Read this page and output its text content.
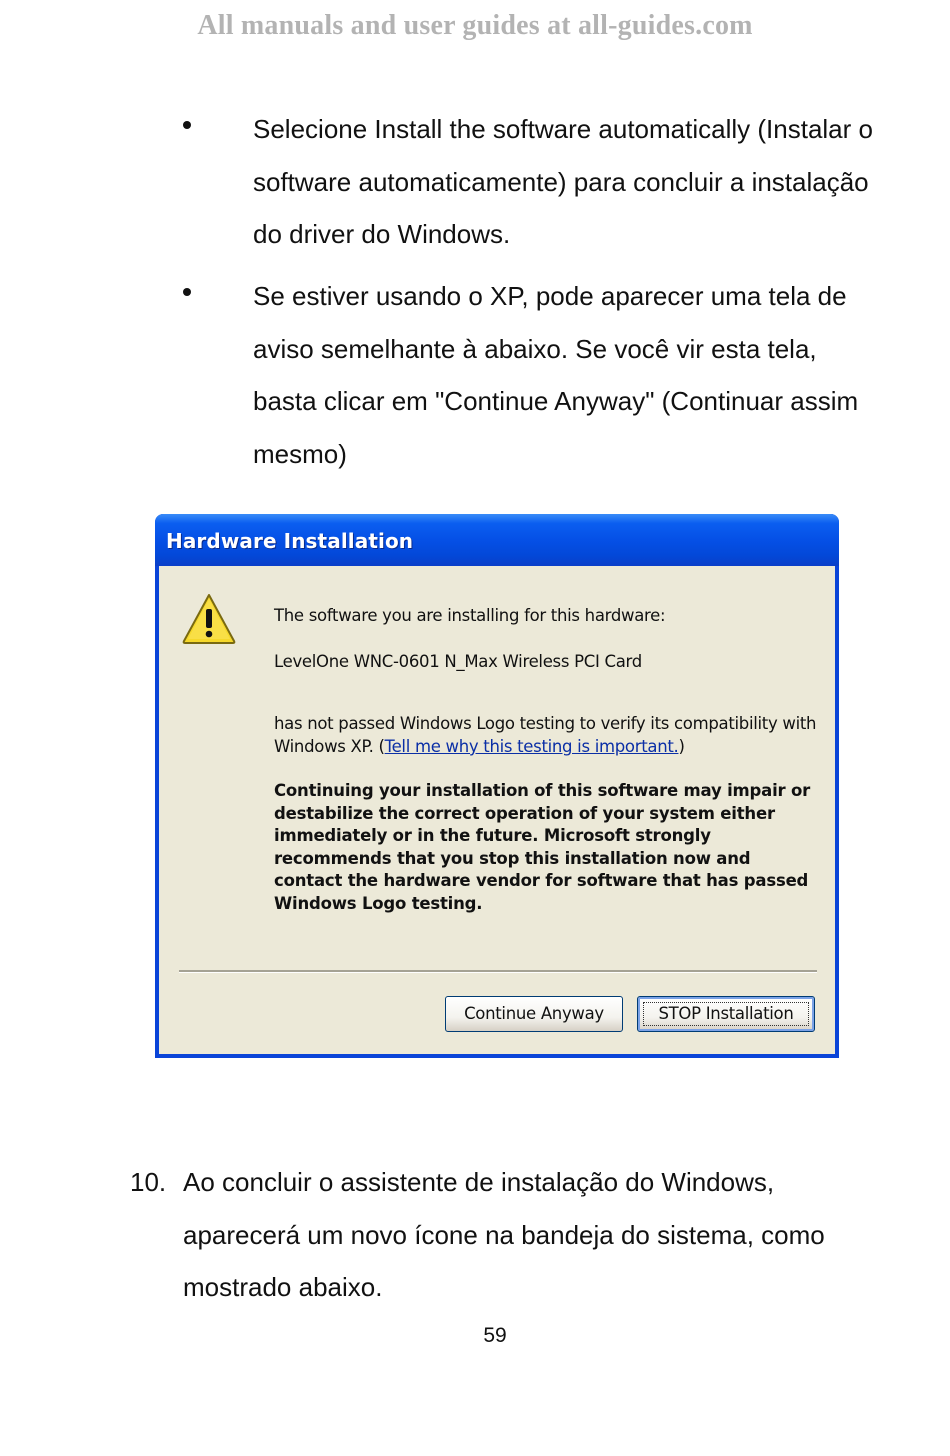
All manuals and user guides at all-guides.com

Selecione Install the software automatically (Instalar o software automaticamente) para concluir a instalação do driver do Windows.

Se estiver usando o XP, pode aparecer uma tela de aviso semelhante à abaixo. Se você vir esta tela, basta clicar em "Continue Anyway" (Continuar assim mesmo)

Hardware Installation

The software you are installing for this hardware:

LevelOne WNC-0601 N_Max Wireless PCI Card

has not passed Windows Logo testing to verify its compatibility with Windows XP. (Tell me why this testing is important.)

Continuing your installation of this software may impair or destabilize the correct operation of your system either immediately or in the future. Microsoft strongly recommends that you stop this installation now and contact the hardware vendor for software that has passed Windows Logo testing.

Continue Anyway	STOP Installation
10. Ao concluir o assistente de instalação do Windows, aparecerá um novo ícone na bandeja do sistema, como mostrado abaixo.

59
